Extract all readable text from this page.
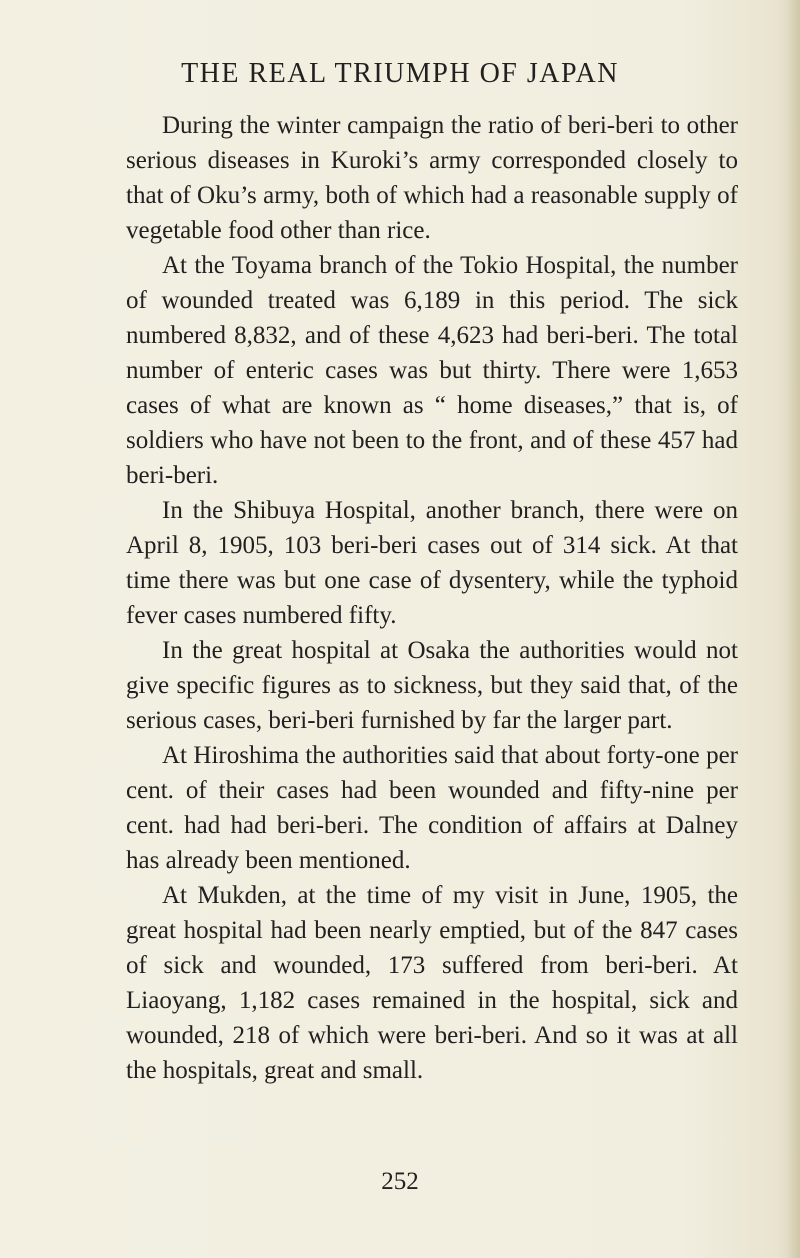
THE REAL TRIUMPH OF JAPAN

During the winter campaign the ratio of beri-beri to other serious diseases in Kuroki’s army corresponded closely to that of Oku’s army, both of which had a reasonable supply of vegetable food other than rice.

At the Toyama branch of the Tokio Hospital, the number of wounded treated was 6,189 in this period. The sick numbered 8,832, and of these 4,623 had beri-beri. The total number of enteric cases was but thirty. There were 1,653 cases of what are known as “ home diseases,” that is, of soldiers who have not been to the front, and of these 457 had beri-beri.

In the Shibuya Hospital, another branch, there were on April 8, 1905, 103 beri-beri cases out of 314 sick. At that time there was but one case of dysentery, while the typhoid fever cases numbered fifty.

In the great hospital at Osaka the authorities would not give specific figures as to sickness, but they said that, of the serious cases, beri-beri furnished by far the larger part.

At Hiroshima the authorities said that about forty-one per cent. of their cases had been wounded and fifty-nine per cent. had had beri-beri. The condition of affairs at Dalney has already been mentioned.

At Mukden, at the time of my visit in June, 1905, the great hospital had been nearly emptied, but of the 847 cases of sick and wounded, 173 suffered from beri-beri. At Liaoyang, 1,182 cases remained in the hospital, sick and wounded, 218 of which were beri-beri. And so it was at all the hospitals, great and small.

252
